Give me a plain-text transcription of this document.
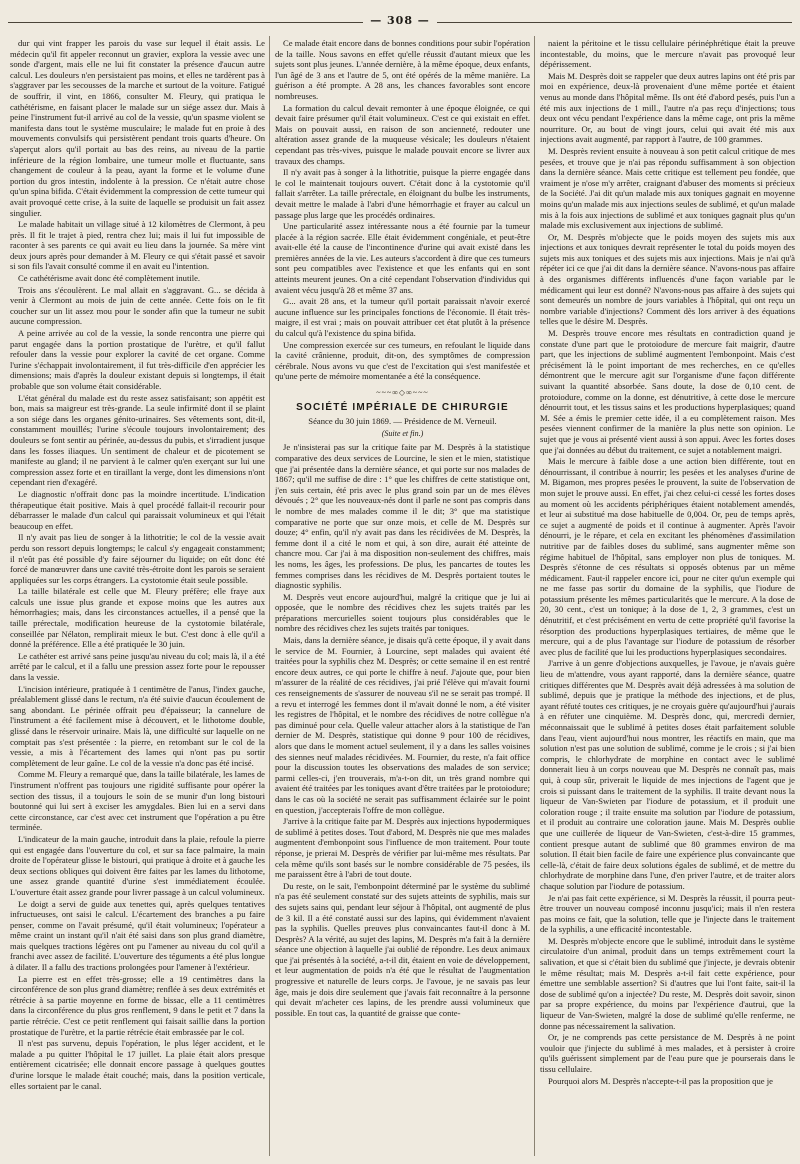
— 308 —

dur qui vint frapper les parois du vase sur lequel il était assis. Le médecin qu'il fit appeler reconnut un gravier, explora la vessie avec une sonde d'argent, mais elle ne lui fit constater la présence d'aucun autre calcul. Les douleurs n'en persistaient pas moins, et elles ne tardèrent pas à s'aggraver par les secousses de la marche et surtout de la voiture. Fatigué de souffrir, il vint, en 1866, consulter M. Fleury, qui pratiqua le cathétérisme, en faisant placer le malade sur un siége assez dur. Mais à peine l'instrument fut-il arrivé au col de la vessie, qu'un spasme violent se manifesta dans tout le système musculaire; le malade fut en proie à des mouvements convulsifs qui persistèrent pendant trois quarts d'heure. On s'aperçut alors qu'il portait au bas des reins, au niveau de la partie inférieure de la région lombaire, une tumeur molle et fluctuante, sans changement de couleur à la peau, ayant la forme et le volume d'une portion du gros intestin, indolente à la pression. Ce n'était autre chose qu'un spina bifida. C'était évidemment la compression de cette tumeur qui avait provoqué cette crise, à la suite de laquelle se produisit un fait assez singulier.

Le malade habitait un village situé à 12 kilomètres de Clermont, à peu près. Il fit le trajet à pied, rentra chez lui; mais il lui fut impossible de raconter à ses parents ce qui avait eu lieu dans la journée. Sa mère vint deux jours après pour demander à M. Fleury ce qui s'était passé et savoir si son fils l'avait consulté comme il en avait eu l'intention.

Ce cathétérisme avait donc été complètement inutile.

Trois ans s'écoulèrent. Le mal allait en s'aggravant. G... se décida à venir à Clermont au mois de juin de cette année. Cette fois on le fit coucher sur un lit assez mou pour le sonder afin que la tumeur ne subit aucune compression.

A peine arrivée au col de la vessie, la sonde rencontra une pierre qui parut engagée dans la portion prostatique de l'urètre, et qu'il fallut refouler dans la vessie pour explorer la cavité de cet organe. Comme l'urine s'échappait involontairement, il fut très-difficile d'en apprécier les dimensions; mais d'après la douleur existant depuis si longtemps, il était probable que son volume était considérable.

L'état général du malade est du reste assez satisfaisant; son appétit est bon, mais sa maigreur est très-grande. La seule infirmité dont il se plaint a son siége dans les organes génito-urinaires. Ses vêtements sont, dit-il, constamment mouillés; l'urine s'écoule toujours involontairement; des douleurs se font sentir au périnée, au-dessus du pubis, et s'irradient jusque dans les fosses iliaques. Un sentiment de chaleur et de picotement se manifeste au gland; il ne parvient à le calmer qu'en exerçant sur lui une compression assez forte et en tiraillant la verge, dont les dimensions n'ont cependant rien d'exagéré.

Le diagnostic n'offrait donc pas la moindre incertitude. L'indication thérapeutique était positive. Mais à quel procédé fallait-il recourir pour débarrasser le malade d'un calcul qui paraissait volumineux et qui l'était beaucoup en effet.

Il n'y avait pas lieu de songer à la lithotritie; le col de la vessie avait perdu son ressort depuis longtemps; le calcul s'y engageait constamment; il n'eût pas été possible d'y faire séjourner du liquide; on eût donc été forcé de manœuvrer dans une cavité très-étroite dont les parois se seraient appliquées sur les corps étrangers. La cystotomie était seule possible.

La taille bilatérale est celle que M. Fleury préfère; elle fraye aux calculs une issue plus grande et expose moins que les autres aux hémorrhagies; mais, dans les circonstances actuelles, il a pensé que la taille prérectale, modification heureuse de la cystotomie bilatérale, conseillée par Nélaton, remplirait mieux le but. C'est donc à elle qu'il a donné la préférence. Elle a été pratiquée le 30 juin.

Le cathéter est arrivé sans peine jusqu'au niveau du col; mais là, il a été arrêté par le calcul, et il a fallu une pression assez forte pour le repousser dans la vessie.

L'incision intérieure, pratiquée à 1 centimètre de l'anus, l'index gauche, préalablement glissé dans le rectum, n'a été suivie d'aucun écoulement de sang abondant. Le périnée offrait peu d'épaisseur; la cannelure de l'instrument a été facilement mise à découvert, et le lithotome double, glissé dans le réservoir urinaire. Mais là, une difficulté sur laquelle on ne comptait pas s'est présentée : la pierre, en retombant sur le col de la vessie, a mis à l'écartement des lames qui n'ont pas pu sortir complètement de leur gaîne. Le col de la vessie n'a donc pas été incisé.

Comme M. Fleury a remarqué que, dans la taille bilatérale, les lames de l'instrument n'offrent pas toujours une rigidité suffisante pour opérer la section des tissus, il a toujours le soin de se munir d'un long bistouri boutonné qui lui sert à exciser les amygdales. Bien lui en a servi dans cette circonstance, car c'est avec cet instrument que l'opération a pu être terminée.

L'indicateur de la main gauche, introduit dans la plaie, refoule la pierre qui est engagée dans l'ouverture du col, et sur sa face palmaire, la main droite de l'opérateur glisse le bistouri, qui pratique à droite et à gauche les deux sections obliques qui doivent être faites par les lames du lithotome, une assez grande quantité d'urine s'est immédiatement écoulée. L'ouverture était assez grande pour livrer passage à un calcul volumineux.

Le doigt a servi de guide aux tenettes qui, après quelques tentatives infructueuses, ont saisi le calcul. L'écartement des branches a pu faire penser, comme on l'avait présumé, qu'il était volumineux; l'opérateur a même craint un instant qu'il n'ait été saisi dans son plus grand diamètre, mais quelques tractions légères ont pu l'amener au niveau du col qu'il a franchi avec assez de facilité. L'ouverture des téguments a été plus longue à dilater. Il a fallu des tractions prolongées pour l'amener à l'extérieur.

La pierre est en effet très-grosse; elle a 19 centimètres dans la circonférence de son plus grand diamètre; renflée à ses deux extrémités et rétrécie à sa partie moyenne en forme de bissac, elle a 11 centimètres dans la circonférence du plus gros renflement, 9 dans le petit et 7 dans la partie rétrécie. C'est ce petit renflement qui faisait saillie dans la portion prostatique de l'urètre, et la partie rétrécie était embrassée par le col.

Il n'est pas survenu, depuis l'opération, le plus léger accident, et le malade a pu quitter l'hôpital le 17 juillet. La plaie était alors presque entièrement cicatrisée; elle donnait encore passage à quelques gouttes d'urine lorsque le malade était couché; mais, dans la position verticale, elles sortaient par le canal.

Ce malade était encore dans de bonnes conditions pour subir l'opération de la taille. Nous savons en effet qu'elle réussit d'autant mieux que les sujets sont plus jeunes. L'année dernière, à la même époque, deux enfants, l'un âgé de 3 ans et l'autre de 5, ont été opérés de la même manière. La guérison a été prompte. A 28 ans, les chances favorables sont encore nombreuses.

La formation du calcul devait remonter à une époque éloignée, ce qui devait faire présumer qu'il était volumineux. C'est ce qui existait en effet. Mais on pouvait aussi, en raison de son ancienneté, redouter une altération assez grande de la muqueuse vésicale; les douleurs n'étaient cependant pas très-vives, puisque le malade pouvait encore se livrer aux travaux des champs.

Il n'y avait pas à songer à la lithotritie, puisque la pierre engagée dans le col le maintenait toujours ouvert. C'était donc à la cystotomie qu'il fallait s'arrêter. La taille prérectale, en éloignant du bulbe les instruments, devait mettre le malade à l'abri d'une hémorrhagie et frayer au calcul un passage plus large que les procédés ordinaires.

Une particularité assez intéressante nous a été fournie par la tumeur placée à la région sacrée. Elle était évidemment congéniale, et peut-être avait-elle été la cause de l'incontinence d'urine qui avait existé dans les premières années de la vie. Les auteurs s'accordent à dire que ces tumeurs sont peu compatibles avec l'existence et que les enfants qui en sont atteints meurent jeunes. On a cité cependant l'observation d'individus qui avaient vécu jusqu'à 28 et même 37 ans.

G... avait 28 ans, et la tumeur qu'il portait paraissait n'avoir exercé aucune influence sur les principales fonctions de l'économie. Il était très-maigre, il est vrai ; mais on pouvait attribuer cet état plutôt à la présence du calcul qu'à l'existence du spina bifida.

Une compression exercée sur ces tumeurs, en refoulant le liquide dans la cavité crânienne, produit, dit-on, des symptômes de compression cérébrale. Nous avons vu que c'est de l'excitation qui s'est manifestée et qu'une perte de mémoire momentanée a été la conséquence.

~~~∞◇∞~~~
SOCIÉTÉ IMPÉRIALE DE CHIRURGIE
Séance du 30 juin 1869. — Présidence de M. Verneuil.
(Suite et fin.)

Je n'insisterai pas sur la critique faite par M. Desprès à la statistique comparative des deux services de Lourcine, le sien et le mien, statistique que j'ai présentée dans la dernière séance, et qui porte sur nos malades de 1867; qu'il me suffise de dire : 1° que les chiffres de cette statistique ont, j'en suis certain, été pris avec le plus grand soin par un de mes élèves dévoués ; 2° que les nouveaux-nés dont il parle ne sont pas compris dans le nombre de mes malades comme il le dit; 3° que ma statistique comparative ne porte que sur onze mois, et celle de M. Desprès sur douze; 4° enfin, qu'il n'y avait pas dans les récidivées de M. Desprès, la femme dont il a cité le nom et qui, à son dire, aurait été atteinte de chancre mou. Car j'ai à ma disposition non-seulement des chiffres, mais les noms, les âges, les professions. De plus, les pancartes de toutes les femmes comprises dans les récidives de M. Desprès portaient toutes le diagnostic syphilis.

M. Desprès veut encore aujourd'hui, malgré la critique que je lui ai opposée, que le nombre des récidives chez les sujets traités par les préparations mercurielles soient toujours plus considérables que le nombre des récidives chez les sujets traités par toniques.

Mais, dans la dernière séance, je disais qu'à cette époque, il y avait dans le service de M. Fournier, à Lourcine, sept malades qui avaient été traitées pour la syphilis chez M. Desprès; or cette semaine il en est rentré encore deux autres, ce qui porte le chiffre à neuf. J'ajoute que, pour bien m'assurer de la réalité de ces récidives, j'ai prié l'élève qui m'avait fourni ces renseignements de s'assurer de nouveau s'il ne se serait pas trompé. Il a revu et interrogé les femmes dont il m'avait donné le nom, a été visiter les registres de l'hôpital, et le nombre des récidives de notre collègue n'a pas diminué pour cela. Quelle valeur attacher alors à la statistique de l'an dernier de M. Desprès, statistique qui donne 9 pour 100 de récidives, alors que dans le moment actuel seulement, il y a dans les salles voisines des siennes neuf malades récidivées. M. Fournier, du reste, n'a fait office pour la discussion toutes les observations des malades de son service; parmi celles-ci, j'en trouverais, m'a-t-on dit, un très grand nombre qui avaient été traitées par les toniques avant d'être traitées par le protoiodure; dans le cas où la société ne serait pas suffisamment éclairée sur le point en question, j'accepterais l'offre de mon collègue.

J'arrive à la critique faite par M. Desprès aux injections hypodermiques de sublimé à petites doses. Tout d'abord, M. Desprès nie que mes malades augmentent d'embonpoint sous l'influence de mon traitement. Pour toute réponse, je prierai M. Desprès de vérifier par lui-même mes résultats. Par cela même qu'ils sont basés sur le nombre considérable de 75 pesées, ils me paraissent être à l'abri de tout doute.

Du reste, on le sait, l'embonpoint déterminé par le système du sublimé n'a pas été seulement constaté sur des sujets atteints de syphilis, mais sur des sujets sains qui, pendant leur séjour à l'hôpital, ont augmenté de plus de 3 kil. Il a été constaté aussi sur des lapins, qui évidemment n'avaient pas la syphilis. Quelles preuves plus convaincantes faut-il donc à M. Desprès? A la vérité, au sujet des lapins, M. Desprès m'a fait à la dernière séance une objection à laquelle j'ai oublié de répondre. Les deux animaux que j'ai présentés à la société, a-t-il dit, étaient en voie de développement, et leur augmentation de poids n'a été que le résultat de l'augmentation progressive et naturelle de leurs corps. Je l'avoue, je ne savais pas leur âge, mais je dois dire seulement que j'avais fait reconnaître à la personne qui devait m'acheter ces lapins, de les prendre aussi volumineux que possible. En tout cas, la quantité de graisse que conte-

naient la péritoine et le tissu cellulaire périnéphrétique était la preuve incontestable, du moins, que le mercure n'avait pas provoqué leur dépérissement.

Mais M. Desprès doit se rappeler que deux autres lapins ont été pris par moi en expérience, deux-là provenaient d'une même portée et étaient venus au monde dans l'hôpital même. Ils ont été d'abord pesés, puis l'un a été mis aux injections de 1 mill., l'autre n'a pas reçu d'injections; tous deux ont vécu pendant l'expérience dans la même cage, ont pris la même nourriture. Or, au bout de vingt jours, celui qui avait été mis aux injections avait augmenté, par rapport à l'autre, de 100 grammes.

M. Desprès revient ensuite à nouveau à son petit calcul critique de mes pesées, et trouve que je n'ai pas répondu suffisamment à son objection dans la dernière séance. Mais cette critique est tellement peu fondée, que vraiment je n'ose m'y arrêter, craignant d'abuser des moments si précieux de la Société. J'ai dit qu'un malade mis aux toniques gagnait en moyenne moins qu'un malade mis aux injections seules de sublimé, et qu'un malade mis à la fois aux injections de sublimé et aux toniques gagnait plus qu'un malade mis exclusivement aux injections de sublimé.

Or, M. Desprès m'objecte que le poids moyen des sujets mis aux injections et aux toniques devrait représenter le total du poids moyen des sujets mis aux toniques et des sujets mis aux injections. Mais je n'ai qu'à répéter ici ce que j'ai dit dans la dernière séance. N'avons-nous pas affaire à des organismes différents influencés d'une façon variable par le médicament qui leur est donné? N'avons-nous pas affaire à des sujets qui sont demeurés un nombre de jours variables à l'hôpital, qui ont reçu un nombre variable d'injections? Comment dès lors arriver à des équations telles que le désire M. Desprès.

M. Desprès trouve encore mes résultats en contradiction quand je constate d'une part que le protoiodure de mercure fait maigrir, d'autre part, que les injections de sublimé augmentent l'embonpoint. Mais c'est précisément là le point important de mes recherches, en ce qu'elles démontrent que le mercure agit sur l'organisme d'une façon différente suivant la quantité absorbée. Sans doute, la dose de 0,10 cent. de protoiodure, comme on la donne, est dénutritive, à cette dose le mercure dénourrit tout, et les tissus sains et les productions hyperplasiques; quand M. Sée a émis le premier cette idée, il a eu complètement raison. Mes pesées viennent confirmer de la manière la plus nette son opinion. Le sujet que je vous ai présenté vient aussi à son appui. Avec les fortes doses que j'ai données au début du traitement, ce sujet a notablement maigri.

Mais le mercure à faible dose a une action bien différente, tout en dénourrissant, il contribue à nourrir; les pesées et les analyses d'urine de M. Bigamon, mes propres pesées le prouvent, la suite de l'observation de mon sujet le prouve aussi. En effet, j'ai chez celui-ci cessé les fortes doses au moment où les accidents périphériques étaient notablement amendés, et leur ai substitué ma dose habituelle de 0,004. Or, peu de temps après, ce sujet a augmenté de poids et il continue à augmenter. Après l'avoir dénourri, je le répare, et cela en excitant les phénomènes d'assimilation nutritive par de faibles doses du sublimé, sans augmenter même son régime habituel de l'hôpital, sans employer non plus de toniques. M. Desprès s'étonne de ces résultats si opposés obtenus par un même médicament. Faut-il rappeler encore ici, pour ne citer qu'un exemple qui ne me fasse pas sortir du domaine de la syphilis, que l'iodure de potassium présente les mêmes particularités que le mercure. A la dose de 20, 30 cent., c'est un tonique; à la dose de 1, 2, 3 grammes, c'est un dénutritif, et c'est précisément en vertu de cette propriété qu'il favorise la résorption des productions hyperplasiques tertiaires, de même que le mercure, qui a de plus l'avantage sur l'iodure de potassium de résorber avec plus de facilité que lui les productions hyperplasiques secondaires.

J'arrive à un genre d'objections auxquelles, je l'avoue, je n'avais guère lieu de m'attendre, vous ayant rapporté, dans la dernière séance, quatre critiques différentes que M. Desprès avait déjà adressées à ma solution de sublimé, depuis que je pratique la méthode des injections, et de plus, ayant réfuté toutes ces critiques, je ne croyais guère qu'aujourd'hui j'aurais à en réfuter une cinquième. M. Desprès donc, qui, mercredi dernier, méconnaissait que le sublimé à petites doses était parfaitement soluble dans l'eau, vient aujourd'hui nous montrer, les réactifs en main, que ma solution n'est pas une solution de sublimé, comme je le crois ; si j'ai bien compris, le chlorhydrate de morphine en contact avec le sublimé donnerait lieu à un corps nouveau que M. Desprès ne connaît pas, mais qui, à coup sûr, priverait le liquide de mes injections de l'agent que je crois si puissant dans le traitement de la syphilis. Il traite devant nous la liqueur de Van-Swieten par l'iodure de potassium, et il produit une coloration rouge ; il traite ensuite ma solution par l'iodure de potassium, et il produit au contraire une coloration jaune. Mais M. Desprès oublie que une cuillerée de liqueur de Van-Swieten, c'est-à-dire 15 grammes, contient presque autant de sublimé que 80 grammes environ de ma solution. Il était bien facile de faire une expérience plus convaincante que celle-là, c'était de faire deux solutions égales de sublimé, et de mettre du chlorhydrate de morphine dans l'une, d'en priver l'autre, et de traiter alors chaque solution par l'iodure de potassium.

Je n'ai pas fait cette expérience, si M. Desprès la réussit, il pourra peut-être trouver un nouveau composé inconnu jusqu'ici; mais il n'en restera pas moins ce fait, que la solution, telle que je l'injecte dans le traitement de la syphilis, a une efficacité incontestable.

M. Desprès m'objecte encore que le sublimé, introduit dans le système circulatoire d'un animal, produit dans un temps extrêmement court la salivation, et que si c'était bien du sublimé que j'injecte, je devrais obtenir le même résultat; mais M. Desprès a-t-il fait cette expérience, pour émettre une semblable assertion? Si d'autres que lui l'ont faite, sait-il la dose de sublimé qu'on a injectée? Du reste, M. Desprès doit savoir, sinon par sa propre expérience, du moins par l'expérience d'autrui, que la liqueur de Van-Swieten, malgré la dose de sublimé qu'elle renferme, ne donne pas nécessairement la salivation.

Or, je ne comprends pas cette persistance de M. Desprès à ne point vouloir que j'injecte du sublimé à mes malades, et à persister à croire qu'ils guérissent simplement par de l'eau pure que je pourserais dans le tissu cellulaire.

Pourquoi alors M. Desprès n'accepte-t-il pas la proposition que je
